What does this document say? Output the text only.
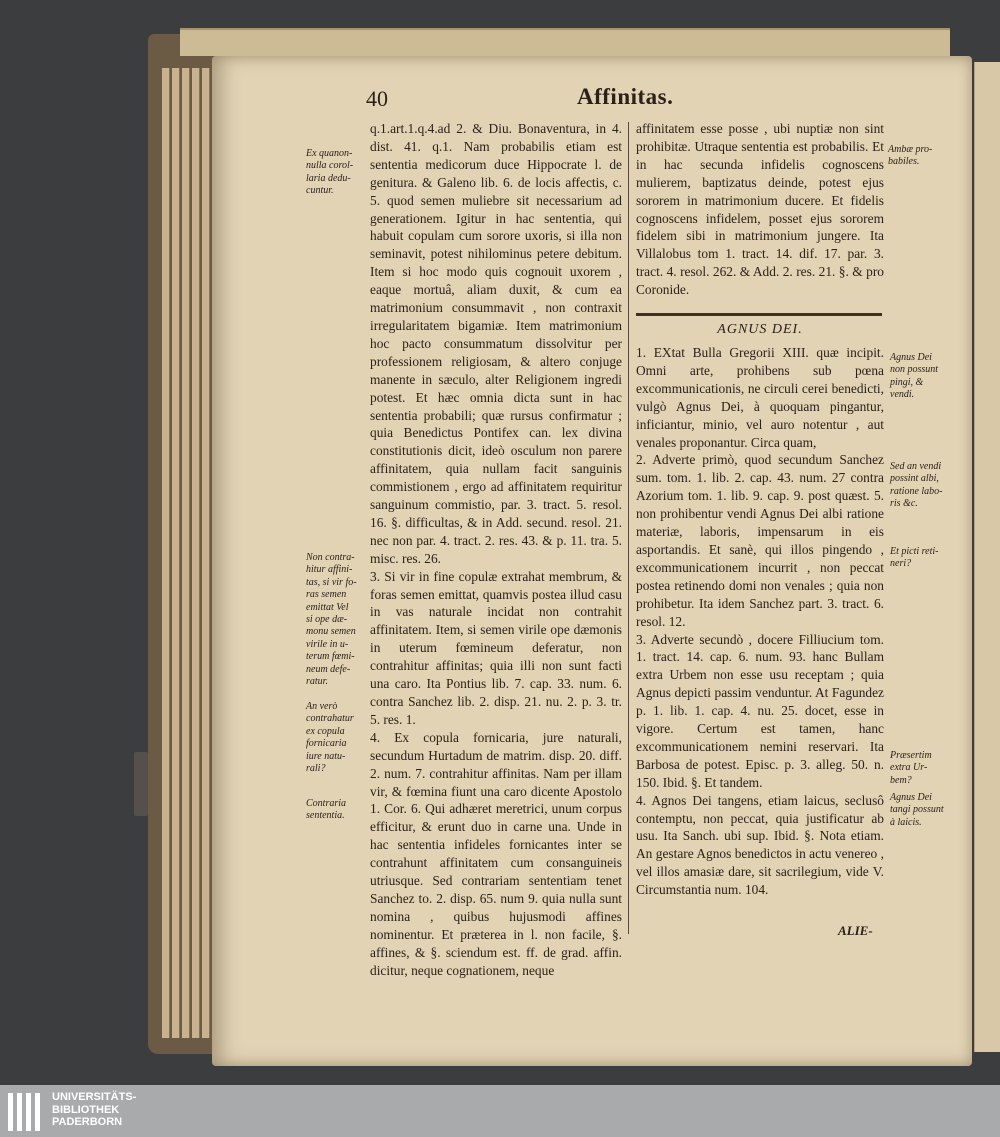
40	Affinitas.
Ex quanon-
nulla corol-
laria dedu-
cuntur.
Non contra-
hitur affini-
tas, si vir fo-
ras semen
emittat Vel
si ope dæ-
monu semen
virile in u-
terum fœmi-
neum defe-
ratur.
An verò
contrahatur
ex copula
fornicaria
iure natu-
rali?
Contraria
sententia.

q.1.art.1.q.4.ad 2. & Diu. Bonaventura, in 4. dist. 41. q.1. Nam probabilis etiam est sententia medicorum duce Hippocrate l. de genitura. & Galeno lib. 6. de locis affectis, c. 5. quod semen muliebre sit necessarium ad generationem. Igitur in hac sententia, qui habuit copulam cum sorore uxoris, si illa non seminavit, potest nihilominus petere debitum. Item si hoc modo quis cognouit uxorem , eaque mortuâ, aliam duxit, & cum ea matrimonium consummavit , non contraxit irregularitatem bigamiæ. Item matrimonium hoc pacto consummatum dissolvitur per professionem religiosam, & altero conjuge manente in sæculo, alter Religionem ingredi potest. Et hæc omnia dicta sunt in hac sententia probabili; quæ rursus confirmatur ; quia Benedictus Pontifex can. lex divina constitutionis dicit, ideò osculum non parere affinitatem, quia nullam facit sanguinis commistionem , ergo ad affinitatem requiritur sanguinum commistio, par. 3. tract. 5. resol. 16. §. difficultas, & in Add. secund. resol. 21. nec non par. 4. tract. 2. res. 43. & p. 11. tra. 5. misc. res. 26.

3. Si vir in fine copulæ extrahat membrum, & foras semen emittat, quamvis postea illud casu in vas naturale incidat non contrahit affinitatem. Item, si semen virile ope dæmonis in uterum fœmineum deferatur, non contrahitur affinitas; quia illi non sunt facti una caro. Ita Pontius lib. 7. cap. 33. num. 6. contra Sanchez lib. 2. disp. 21. nu. 2. p. 3. tr. 5. res. 1.

4. Ex copula fornicaria, jure naturali, secundum Hurtadum de matrim. disp. 20. diff. 2. num. 7. contrahitur affinitas. Nam per illam vir, & fœmina fiunt una caro dicente Apostolo 1. Cor. 6. Qui adhæret meretrici, unum corpus efficitur, & erunt duo in carne una. Unde in hac sententia infideles fornicantes inter se contrahunt affinitatem cum consanguineis utriusque. Sed contrariam sententiam tenet Sanchez to. 2. disp. 65. num 9. quia nulla sunt nomina , quibus hujusmodi affines nominentur. Et præterea in l. non facile, §. affines, & §. sciendum est. ff. de grad. affin. dicitur, neque cognationem, neque

affinitatem esse posse , ubi nuptiæ non sint prohibitæ. Utraque sententia est probabilis. Et in hac secunda infidelis cognoscens mulierem, baptizatus deinde, potest ejus sororem in matrimonium ducere. Et fidelis cognoscens infidelem, posset ejus sororem fidelem sibi in matrimonium jungere. Ita Villalobus tom 1. tract. 14. dif. 17. par. 3. tract. 4. resol. 262. & Add. 2. res. 21. §. & pro Coronide.

AGNUS DEI.

1. EXtat Bulla Gregorii XIII. quæ incipit. Omni arte, prohibens sub pœna excommunicationis, ne circuli cerei benedicti, vulgò Agnus Dei, à quoquam pingantur, inficiantur, minio, vel auro notentur , aut venales proponantur. Circa quam,

2. Adverte primò, quod secundum Sanchez sum. tom. 1. lib. 2. cap. 43. num. 27 contra Azorium tom. 1. lib. 9. cap. 9. post quæst. 5. non prohibentur vendi Agnus Dei albi ratione materiæ, laboris, impensarum in eis asportandis. Et sanè, qui illos pingendo , excommunicationem incurrit , non peccat postea retinendo domi non venales ; quia non prohibetur. Ita idem Sanchez part. 3. tract. 6. resol. 12.

3. Adverte secundò , docere Filliucium tom. 1. tract. 14. cap. 6. num. 93. hanc Bullam extra Urbem non esse usu receptam ; quia Agnus depicti passim venduntur. At Fagundez p. 1. lib. 1. cap. 4. nu. 25. docet, esse in vigore. Certum est tamen, hanc excommunicationem nemini reservari. Ita Barbosa de potest. Episc. p. 3. alleg. 50. n. 150. Ibid. §. Et tandem.

4. Agnos Dei tangens, etiam laicus, seclusô contemptu, non peccat, quia justificatur ab usu. Ita Sanch. ubi sup. Ibid. §. Nota etiam. An gestare Agnos benedictos in actu venereo , vel illos amasiæ dare, sit sacrilegium, vide V. Circumstantia num. 104.

Ambæ pro-
babiles.
Agnus Dei
non possunt
pingi, &
vendi.
Sed an vendi
possint albi,
ratione labo-
ris &c.
Et picti reti-
neri?
Præsertim
extra Ur-
bem?
Agnus Dei
tangi possunt
à laicis.
ALIE-
UNIVERSITÄTS-
BIBLIOTHEK
PADERBORN
